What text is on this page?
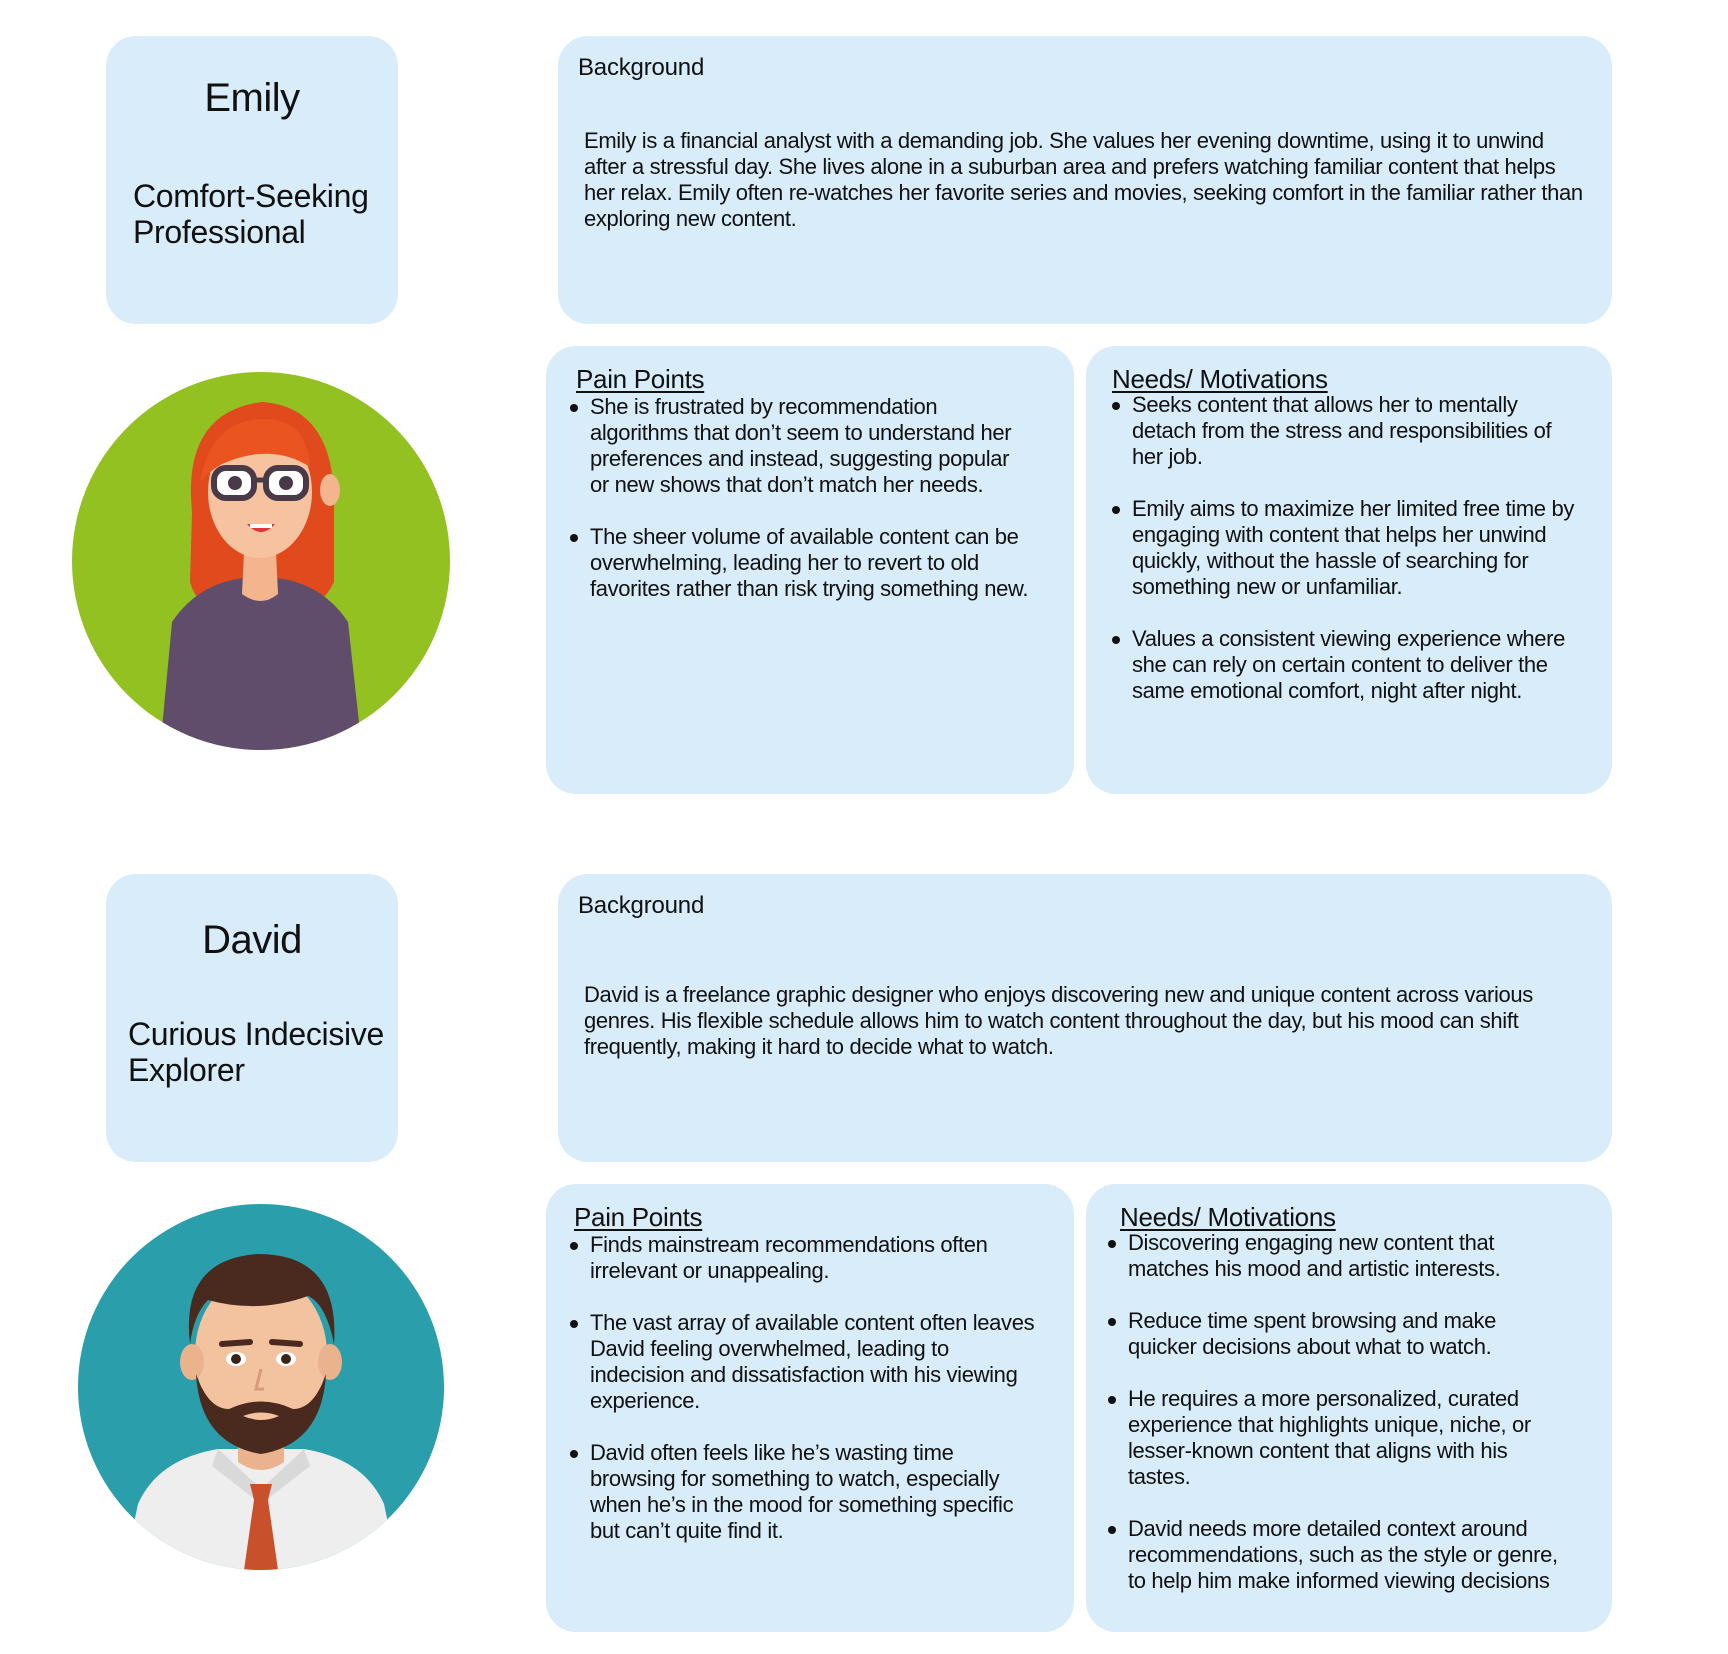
Emily
Comfort-Seeking Professional
Background
Emily is a financial analyst with a demanding job. She values her evening downtime, using it to unwind after a stressful day. She lives alone in a suburban area and prefers watching familiar content that helps her relax. Emily often re-watches her favorite series and movies, seeking comfort in the familiar rather than exploring new content.
Pain Points
She is frustrated by recommendation algorithms that don’t seem to understand her preferences and instead, suggesting popular or new shows that don’t match her needs.
The sheer volume of available content can be overwhelming, leading her to revert to old favorites rather than risk trying something new.
Needs/ Motivations
Seeks content that allows her to mentally detach from the stress and responsibilities of her job.
Emily aims to maximize her limited free time by engaging with content that helps her unwind quickly, without the hassle of searching for something new or unfamiliar.
Values a consistent viewing experience where she can rely on certain content to deliver the same emotional comfort, night after night.
David
Curious Indecisive Explorer
Background
David is a freelance graphic designer who enjoys discovering new and unique content across various genres. His flexible schedule allows him to watch content throughout the day, but his mood can shift frequently, making it hard to decide what to watch.
Pain Points
Finds mainstream recommendations often irrelevant or unappealing.
The vast array of available content often leaves David feeling overwhelmed, leading to indecision and dissatisfaction with his viewing experience.
David often feels like he’s wasting time browsing for something to watch, especially when he’s in the mood for something specific but can’t quite find it.
Needs/ Motivations
Discovering engaging new content that matches his mood and artistic interests.
Reduce time spent browsing and make quicker decisions about what to watch.
He requires a more personalized, curated experience that highlights unique, niche, or lesser-known content that aligns with his tastes.
David needs more detailed context around recommendations, such as the style or genre, to help him make informed viewing decisions
